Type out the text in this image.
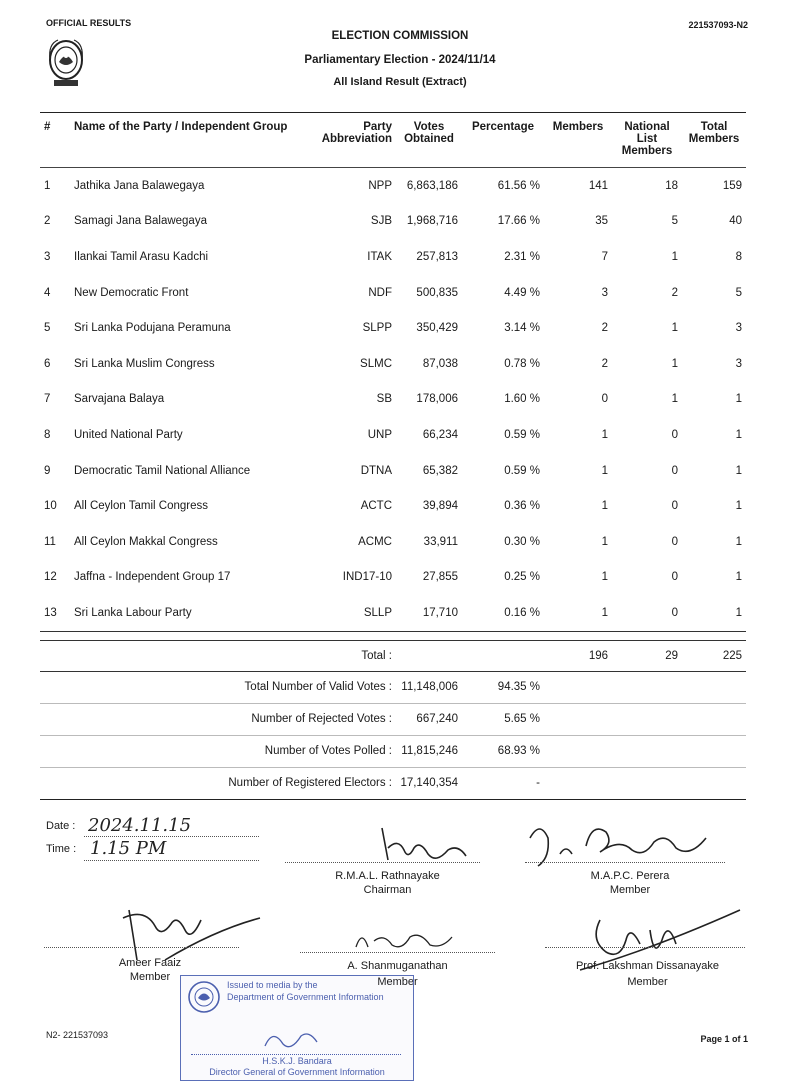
OFFICIAL RESULTS	221537093-N2
ELECTION COMMISSION
Parliamentary Election - 2024/11/14
All Island Result (Extract)
#	Name of the Party / Independent Group	Party Abbreviation	Votes Obtained	Percentage	Members	National List Members	Total Members
1	Jathika Jana Balawegaya	NPP	6,863,186	61.56 %	141	18	159
2	Samagi Jana Balawegaya	SJB	1,968,716	17.66 %	35	5	40
3	Ilankai Tamil Arasu Kadchi	ITAK	257,813	2.31 %	7	1	8
4	New Democratic Front	NDF	500,835	4.49 %	3	2	5
5	Sri Lanka Podujana Peramuna	SLPP	350,429	3.14 %	2	1	3
6	Sri Lanka Muslim Congress	SLMC	87,038	0.78 %	2	1	3
7	Sarvajana Balaya	SB	178,006	1.60 %	0	1	1
8	United National Party	UNP	66,234	0.59 %	1	0	1
9	Democratic Tamil National Alliance	DTNA	65,382	0.59 %	1	0	1
10	All Ceylon Tamil Congress	ACTC	39,894	0.36 %	1	0	1
11	All Ceylon Makkal Congress	ACMC	33,911	0.30 %	1	0	1
12	Jaffna - Independent Group 17	IND17-10	27,855	0.25 %	1	0	1
13	Sri Lanka Labour Party	SLLP	17,710	0.16 %	1	0	1

		Total :			196	29	225
Total Number of Valid Votes :			11,148,006	94.35 %			
Number of Rejected Votes :			667,240	5.65 %			
Number of Votes Polled :			11,815,246	68.93 %			
Number of Registered Electors :			17,140,354	-			
Date : 2024.11.15
Time : 1.15 PM
R.M.A.L. Rathnayake
Chairman
M.A.P.C. Perera
Member
Ameer Faaiz
Member
A. Shanmuganathan
Member
Prof. Lakshman Dissanayake
Member
Issued to media by the
Department of Government Information
H.S.K.J. Bandara
Director General of Government Information
N2- 221537093	Page 1 of 1
